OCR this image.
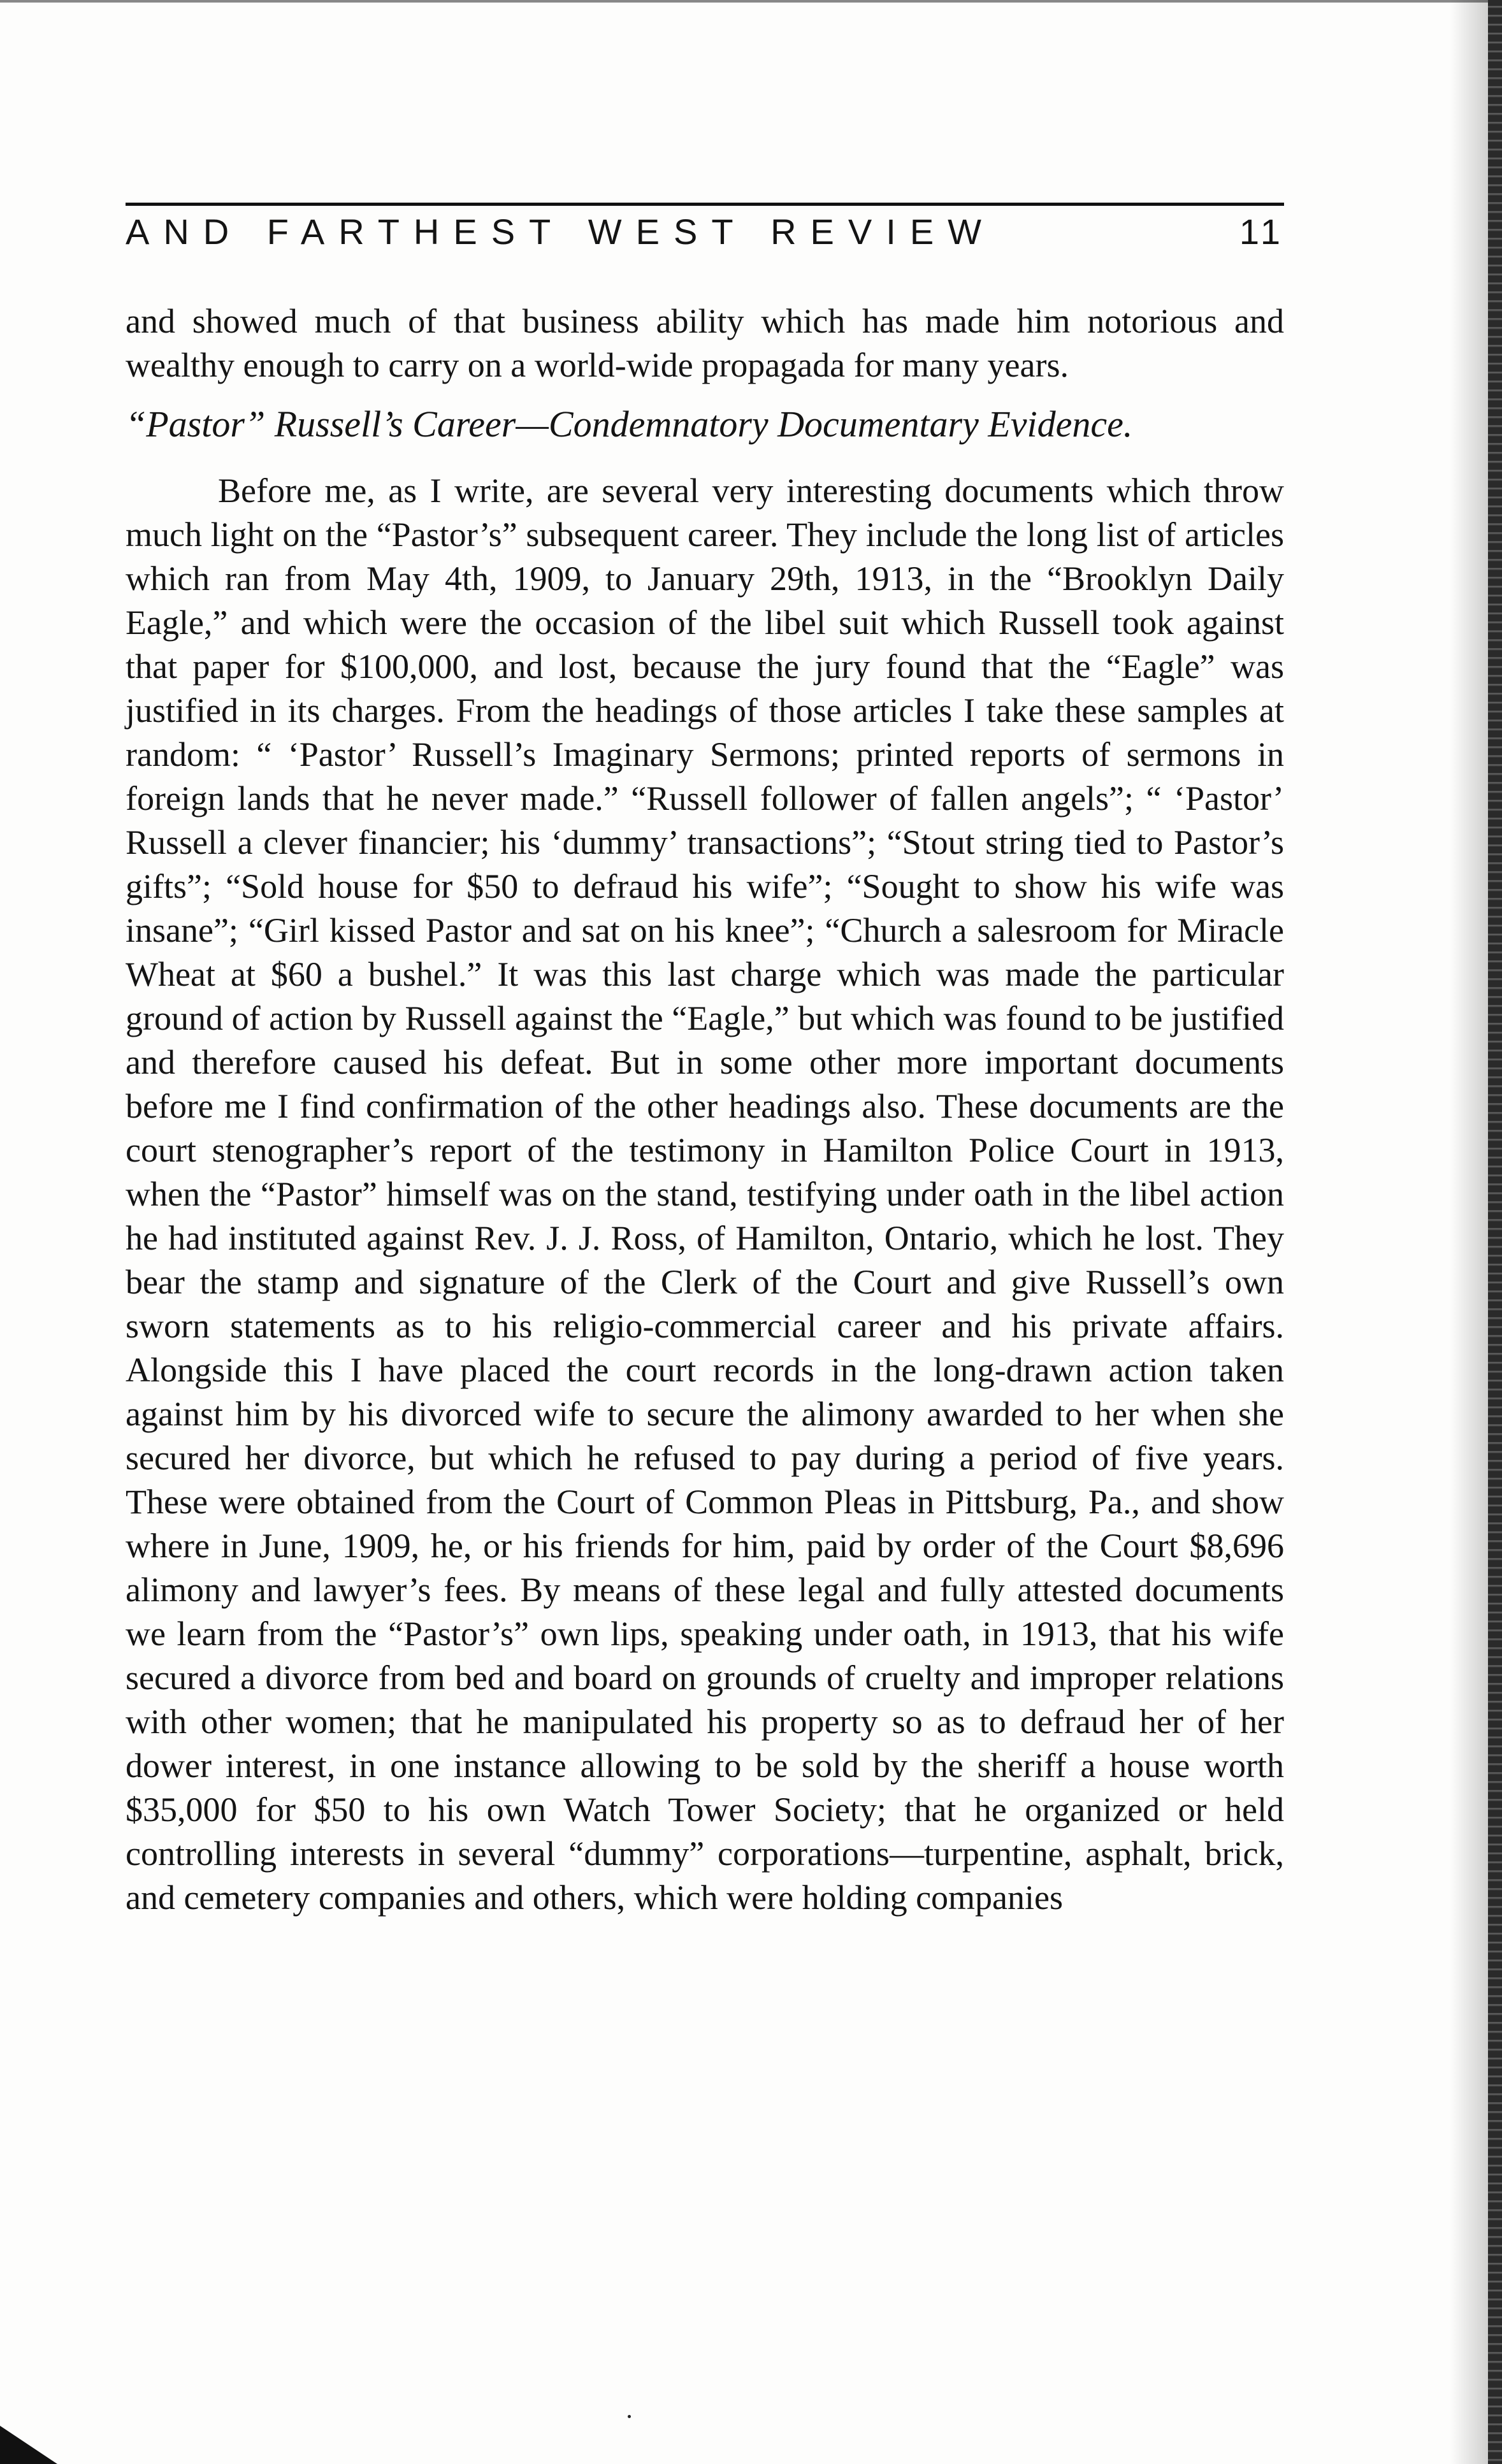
AND FARTHEST WEST REVIEW	11

and showed much of that business ability which has made him notorious and wealthy enough to carry on a world-wide propagada for many years.

“Pastor” Russell’s Career—Condemnatory Documentary Evidence.

Before me, as I write, are several very interesting documents which throw much light on the “Pastor’s” subsequent career. They include the long list of articles which ran from May 4th, 1909, to January 29th, 1913, in the “Brooklyn Daily Eagle,” and which were the occasion of the libel suit which Russell took against that paper for $100,000, and lost, because the jury found that the “Eagle” was justified in its charges. From the headings of those articles I take these samples at random: “ ‘Pastor’ Russell’s Imaginary Sermons; printed reports of sermons in foreign lands that he never made.” “Russell follower of fallen angels”; “ ‘Pastor’ Russell a clever financier; his ‘dummy’ transactions”; “Stout string tied to Pastor’s gifts”; “Sold house for $50 to defraud his wife”; “Sought to show his wife was insane”; “Girl kissed Pastor and sat on his knee”; “Church a salesroom for Miracle Wheat at $60 a bushel.” It was this last charge which was made the particular ground of action by Russell against the “Eagle,” but which was found to be justified and therefore caused his defeat. But in some other more important documents before me I find confirmation of the other headings also. These documents are the court stenographer’s report of the testimony in Hamilton Police Court in 1913, when the “Pastor” himself was on the stand, testifying under oath in the libel action he had instituted against Rev. J. J. Ross, of Hamilton, Ontario, which he lost. They bear the stamp and signature of the Clerk of the Court and give Russell’s own sworn statements as to his religio-commercial career and his private affairs. Alongside this I have placed the court records in the long-drawn action taken against him by his divorced wife to secure the alimony awarded to her when she secured her divorce, but which he refused to pay during a period of five years. These were obtained from the Court of Common Pleas in Pittsburg, Pa., and show where in June, 1909, he, or his friends for him, paid by order of the Court $8,696 alimony and lawyer’s fees. By means of these legal and fully attested documents we learn from the “Pastor’s” own lips, speaking under oath, in 1913, that his wife secured a divorce from bed and board on grounds of cruelty and improper relations with other women; that he manipulated his property so as to defraud her of her dower interest, in one instance allowing to be sold by the sheriff a house worth $35,000 for $50 to his own Watch Tower Society; that he organized or held controlling interests in several “dummy” corporations—turpentine, asphalt, brick, and cemetery companies and others, which were holding companies
